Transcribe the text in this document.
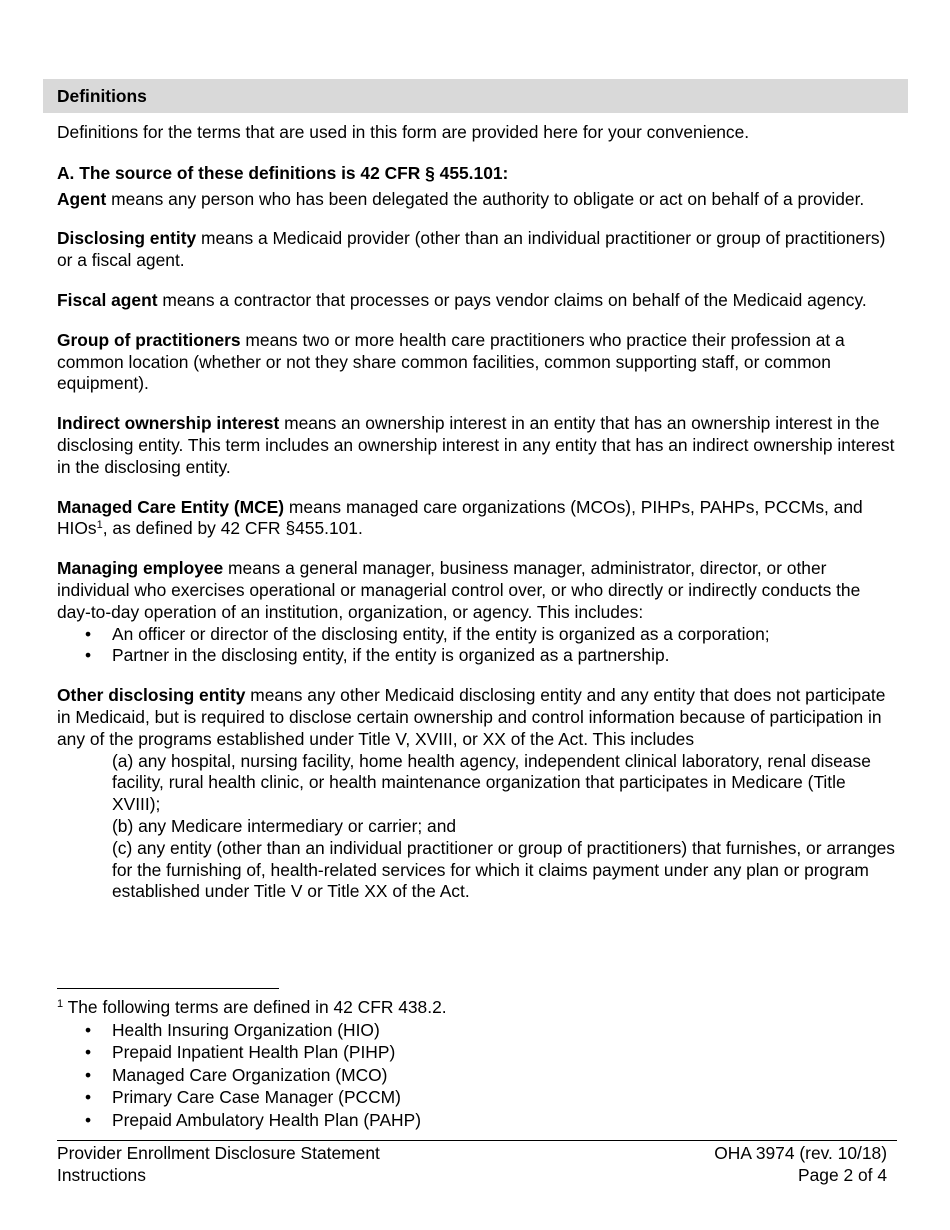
Definitions

Definitions for the terms that are used in this form are provided here for your convenience.

A. The source of these definitions is 42 CFR § 455.101:

Agent means any person who has been delegated the authority to obligate or act on behalf of a provider.

Disclosing entity means a Medicaid provider (other than an individual practitioner or group of practitioners) or a fiscal agent.

Fiscal agent means a contractor that processes or pays vendor claims on behalf of the Medicaid agency.

Group of practitioners means two or more health care practitioners who practice their profession at a common location (whether or not they share common facilities, common supporting staff, or common equipment).

Indirect ownership interest means an ownership interest in an entity that has an ownership interest in the disclosing entity. This term includes an ownership interest in any entity that has an indirect ownership interest in the disclosing entity.

Managed Care Entity (MCE) means managed care organizations (MCOs), PIHPs, PAHPs, PCCMs, and HIOs$^1$, as defined by 42 CFR §455.101.

Managing employee means a general manager, business manager, administrator, director, or other individual who exercises operational or managerial control over, or who directly or indirectly conducts the day-to-day operation of an institution, organization, or agency. This includes:

• An officer or director of the disclosing entity, if the entity is organized as a corporation;
• Partner in the disclosing entity, if the entity is organized as a partnership.

Other disclosing entity means any other Medicaid disclosing entity and any entity that does not participate in Medicaid, but is required to disclose certain ownership and control information because of participation in any of the programs established under Title V, XVIII, or XX of the Act. This includes

(a) any hospital, nursing facility, home health agency, independent clinical laboratory, renal disease facility, rural health clinic, or health maintenance organization that participates in Medicare (Title XVIII);

(b) any Medicare intermediary or carrier; and

(c) any entity (other than an individual practitioner or group of practitioners) that furnishes, or arranges for the furnishing of, health-related services for which it claims payment under any plan or program established under Title V or Title XX of the Act.

$^1$ The following terms are defined in 42 CFR 438.2.

• Health Insuring Organization (HIO)
• Prepaid Inpatient Health Plan (PIHP)
• Managed Care Organization (MCO)
• Primary Care Case Manager (PCCM)
• Prepaid Ambulatory Health Plan (PAHP)
Provider Enrollment Disclosure Statement
Instructions
OHA 3974 (rev. 10/18)
Page 2 of 4
